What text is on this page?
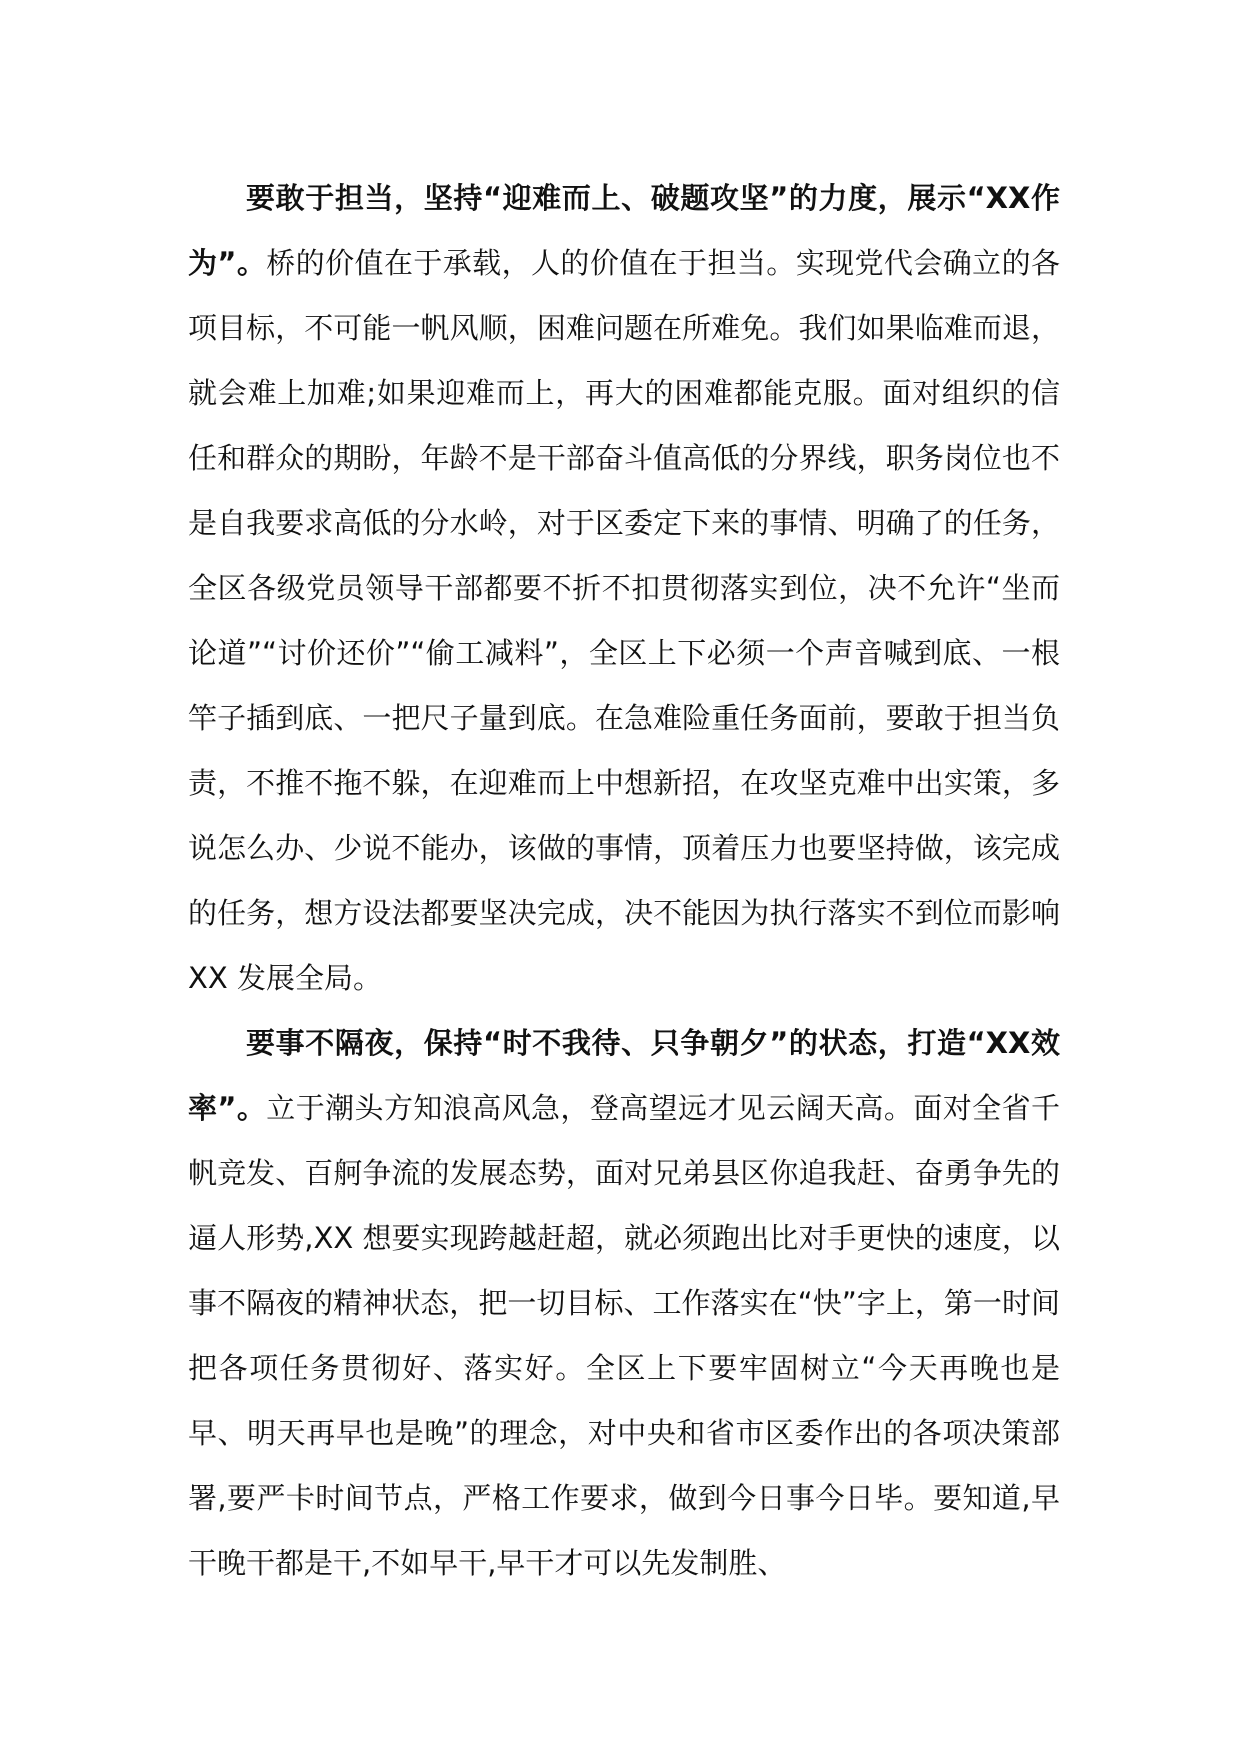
要敢于担当，坚持“迎难而上、破题攻坚”的力度，展示“XX作为”。桥的价值在于承载，人的价值在于担当。实现党代会确立的各项目标，不可能一帆风顺，困难问题在所难免。我们如果临难而退，就会难上加难;如果迎难而上，再大的困难都能克服。面对组织的信任和群众的期盼，年龄不是干部奋斗值高低的分界线，职务岗位也不是自我要求高低的分水岭，对于区委定下来的事情、明确了的任务，全区各级党员领导干部都要不折不扣贯彻落实到位，决不允许“坐而论道”“讨价还价”“偷工减料”，全区上下必须一个声音喊到底、一根竿子插到底、一把尺子量到底。在急难险重任务面前，要敢于担当负责，不推不拖不躲，在迎难而上中想新招，在攻坚克难中出实策，多说怎么办、少说不能办，该做的事情，顶着压力也要坚持做，该完成的任务，想方设法都要坚决完成，决不能因为执行落实不到位而影响 XX 发展全局。

要事不隔夜，保持“时不我待、只争朝夕”的状态，打造“XX效率”。立于潮头方知浪高风急，登高望远才见云阔天高。面对全省千帆竞发、百舸争流的发展态势，面对兄弟县区你追我赶、奋勇争先的逼人形势,XX 想要实现跨越赶超，就必须跑出比对手更快的速度，以事不隔夜的精神状态，把一切目标、工作落实在“快”字上，第一时间把各项任务贯彻好、落实好。全区上下要牢固树立“今天再晚也是早、明天再早也是晚”的理念，对中央和省市区委作出的各项决策部署,要严卡时间节点，严格工作要求，做到今日事今日毕。要知道,早干晚干都是干,不如早干,早干才可以先发制胜、
